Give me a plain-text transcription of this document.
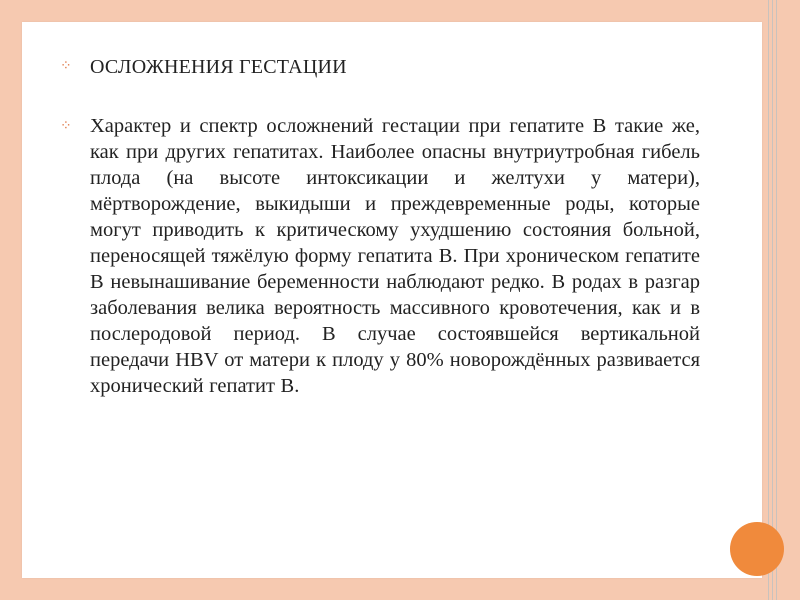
⁘ ОСЛОЖНЕНИЯ ГЕСТАЦИИ
⁘ Характер и спектр осложнений гестации при гепатите B такие же, как при других гепатитах. Наиболее опасны внутриутробная гибель плода (на высоте интоксикации и желтухи у матери), мёртворождение, выкидыши и преждевременные роды, которые могут приводить к критическому ухудшению состояния больной, переносящей тяжёлую форму гепатита B. При хроническом гепатите B невынашивание беременности наблюдают редко. В родах в разгар заболевания велика вероятность массивного кровотечения, как и в послеродовой период. В случае состоявшейся вертикальной передачи HBV от матери к плоду у 80% новорождённых развивается хронический гепатит B.
